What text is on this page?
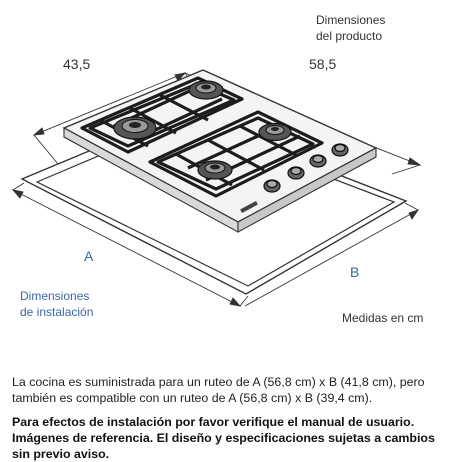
Dimensiones
del producto
43,5	58,5
A
B
Dimensiones
de instalación	Medidas en cm
La cocina es suministrada para un ruteo de A (56,8 cm) x B (41,8 cm), pero también es compatible con un ruteo de A (56,8 cm) x B (39,4 cm).
Para efectos de instalación por favor verifique el manual de usuario. Imágenes de referencia. El diseño y especificaciones sujetas a cambios sin previo aviso.
